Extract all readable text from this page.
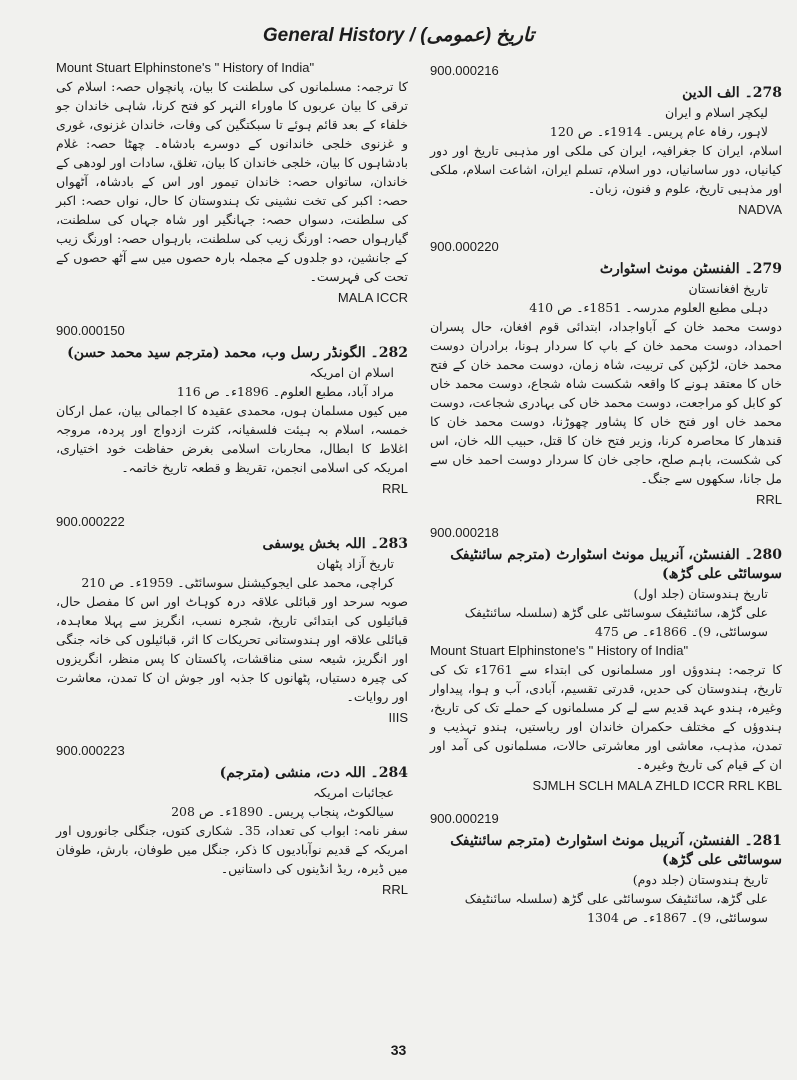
General History / تاریخ (عمومی)
Mount Stuart Elphinstone's " History of India"
کا ترجمہ: مسلمانوں کی سلطنت کا بیان، پانچواں حصہ: اسلام کی ترقی کا بیان عربوں کا ماوراء النہر کو فتح کرنا، شاہی خاندان جو خلفاء کے بعد قائم ہوئے تا سبکتگین کی وفات، خاندان غزنوی، غوری و غزنوی خلجی خاندانوں کے دوسرے بادشاہ۔ چھٹا حصہ: غلام بادشاہوں کا بیان، خلجی خاندان کا بیان، تغلق، سادات اور لودھی کے خاندان، ساتواں حصہ: خاندان تیمور اور اس کے بادشاہ، آٹھواں حصہ: اکبر کی تخت نشینی تک ہندوستان کا حال، نواں حصہ: اکبر کی سلطنت، دسواں حصہ: جہانگیر اور شاہ جہاں کی سلطنت، گیارہواں حصہ: اورنگ زیب کی سلطنت، بارہواں حصہ: اورنگ زیب کے جانشین، دو جلدوں کے مجملہ بارہ حصوں میں سے آٹھ حصوں کے تحت کی فہرست۔
MALA ICCR
900.000150
282۔ الگونڈر رسل وب، محمد (مترجم سید محمد حسن)
اسلام ان امریکہ
مراد آباد، مطبع العلوم۔ 1896ء۔ ص 116
میں کیوں مسلمان ہوں، محمدی عقیدہ کا اجمالی بیان، عمل ارکان خمسہ، اسلام بہ ہیئت فلسفیانہ، کثرت ازدواج اور پردہ، مروجہ اغلاط کا ابطال، محاربات اسلامی بغرض حفاظت خود اختیاری، امریکہ کی اسلامی انجمن، تقریظ و قطعہ تاریخ خاتمہ۔
RRL
900.000222
283۔ اللہ بخش یوسفی
تاریخ آزاد پٹھان
کراچی، محمد علی ایجوکیشنل سوسائٹی۔ 1959ء۔ ص 210
صوبہ سرحد اور قبائلی علاقہ درہ کوہاٹ اور اس کا مفصل حال، قبائیلوں کی ابتدائی تاریخ، شجرہ نسب، انگریز سے پہلا معاہدہ، قبائلی علاقہ اور ہندوستانی تحریکات کا اثر، قبائیلوں کی خانہ جنگی اور انگریز، شیعہ سنی مناقشات، پاکستان کا پس منظر، انگریزوں کی چیرہ دستیاں، پٹھانوں کا جذبہ اور جوش ان کا تمدن، معاشرت اور روایات۔
IIIS
900.000223
284۔ اللہ دت، منشی (مترجم)
عجائبات امریکہ
سیالکوٹ، پنجاب پریس۔ 1890ء۔ ص 208
سفر نامہ: ابواب کی تعداد، 35۔ شکاری کتوں، جنگلی جانوروں اور امریکہ کے قدیم نوآبادیوں کا ذکر، جنگل میں طوفان، بارش، طوفان میں ڈیرہ، ریڈ انڈینوں کی داستانیں۔
RRL
900.000216
278۔ الف الدین
لیکچر اسلام و ایران
لاہور، رفاہ عام پریس۔ 1914ء۔ ص 120
اسلام، ایران کا جغرافیہ، ایران کی ملکی اور مذہبی تاریخ اور دور کیانیاں، دور ساسانیاں، دور اسلام، تسلم ایران، اشاعت اسلام، ملکی اور مذہبی تاریخ، علوم و فنون، زبان۔
NADVA
900.000220
279۔ الفنسٹن مونٹ اسٹوارٹ
تاریخ افغانستان
دہلی مطبع العلوم مدرسہ۔ 1851ء۔ ص 410
دوست محمد خان کے آباواجداد، ابتدائی قوم افغان، حال پسران احمداد، دوست محمد خان کے باپ کا سردار ہونا، برادران دوست محمد خان، لڑکپن کی تربیت، شاہ زمان، دوست محمد خان کے فتح خاں کا معتقد ہونے کا واقعہ شکست شاہ شجاع، دوست محمد خاں کو کابل کو مراجعت، دوست محمد خاں کی بہادری شجاعت، دوست محمد خاں اور فتح خاں کا پشاور چھوڑنا، دوست محمد خان کا قندھار کا محاصرہ کرنا، وزیر فتح خان کا قتل، حبیب اللہ خان، اس کی شکست، باہم صلح، حاجی خان کا سردار دوست احمد خاں سے مل جانا، سکھوں سے جنگ۔
RRL
900.000218
280۔ الفنسٹن، آنریبل مونٹ اسٹوارٹ (مترجم سائنٹیفک سوسائٹی علی گڑھ)
تاریخ ہندوستان (جلد اول)
علی گڑھ، سائنٹیفک سوسائٹی علی گڑھ (سلسلہ سائنٹیفک سوسائٹی، 9)۔ 1866ء۔ ص 475
Mount Stuart Elphinstone's " History of India"
کا ترجمہ: ہندوؤں اور مسلمانوں کی ابتداء سے 1761ء تک کی تاریخ، ہندوستان کی حدیں، قدرتی تقسیم، آبادی، آب و ہوا، پیداوار وغیرہ، ہندو عہد قدیم سے لے کر مسلمانوں کے حملے تک کی تاریخ، ہندوؤں کے مختلف حکمران خاندان اور ریاستیں، ہندو تہذیب و تمدن، مذہب، معاشی اور معاشرتی حالات، مسلمانوں کی آمد اور ان کے قیام کی تاریخ وغیرہ۔
SJMLH SCLH MALA ZHLD ICCR RRL KBL
900.000219
281۔ الفنسٹن، آنریبل مونٹ اسٹوارٹ (مترجم سائنٹیفک سوسائٹی علی گڑھ)
تاریخ ہندوستان (جلد دوم)
علی گڑھ، سائنٹیفک سوسائٹی علی گڑھ (سلسلہ سائنٹیفک سوسائٹی، 9)۔ 1867ء۔ ص 1304
33
